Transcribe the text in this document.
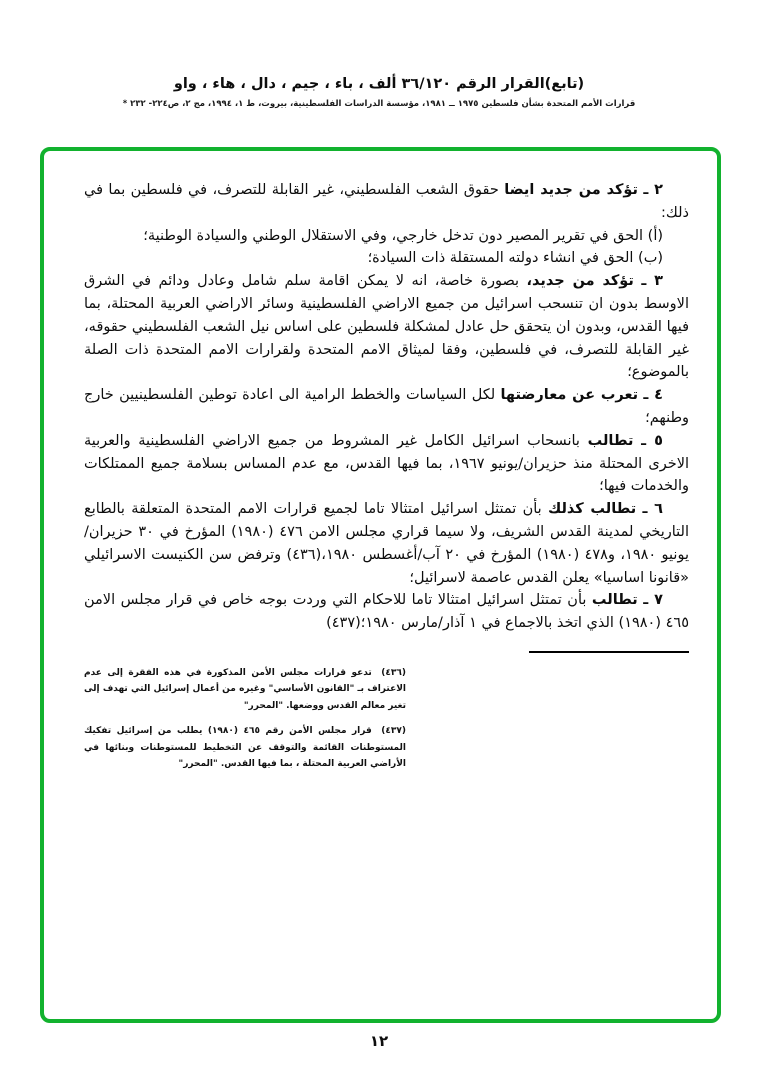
(تابع)القرار الرقم ٣٦/١٢٠ ألف ، باء ، جيم ، دال ، هاء ، واو
قرارات الأمم المتحدة بشأن فلسطين ١٩٧٥ ــ ١٩٨١، مؤسسة الدراسات الفلسطينية، بيروت، ط ١، ١٩٩٤، مج ٢، ص٢٢٤- ٢٣٢ *

٢ ـ تؤكد من جديد ايضا حقوق الشعب الفلسطيني، غير القابلة للتصرف، في فلسطين بما في ذلك:

(أ) الحق في تقرير المصير دون تدخل خارجي، وفي الاستقلال الوطني والسيادة الوطنية؛

(ب) الحق في انشاء دولته المستقلة ذات السيادة؛

٣ ـ تؤكد من جديد، بصورة خاصة، انه لا يمكن اقامة سلم شامل وعادل ودائم في الشرق الاوسط بدون ان تنسحب اسرائيل من جميع الاراضي الفلسطينية وسائر الاراضي العربية المحتلة، بما فيها القدس، وبدون ان يتحقق حل عادل لمشكلة فلسطين على اساس نيل الشعب الفلسطيني حقوقه، غير القابلة للتصرف، في فلسطين، وفقا لميثاق الامم المتحدة ولقرارات الامم المتحدة ذات الصلة بالموضوع؛

٤ ـ تعرب عن معارضتها لكل السياسات والخطط الرامية الى اعادة توطين الفلسطينيين خارج وطنهم؛

٥ ـ تطالب بانسحاب اسرائيل الكامل غير المشروط من جميع الاراضي الفلسطينية والعربية الاخرى المحتلة منذ حزيران/يونيو ١٩٦٧، بما فيها القدس، مع عدم المساس بسلامة جميع الممتلكات والخدمات فيها؛

٦ ـ تطالب كذلك بأن تمتثل اسرائيل امتثالا تاما لجميع قرارات الامم المتحدة المتعلقة بالطابع التاريخي لمدينة القدس الشريف، ولا سيما قراري مجلس الامن ٤٧٦ (١٩٨٠) المؤرخ في ٣٠ حزيران/يونيو ١٩٨٠، و٤٧٨ (١٩٨٠) المؤرخ في ٢٠ آب/أغسطس ١٩٨٠،(٤٣٦) وترفض سن الكنيست الاسرائيلي «قانونا اساسيا» يعلن القدس عاصمة لاسرائيل؛

٧ ـ تطالب بأن تمتثل اسرائيل امتثالا تاما للاحكام التي وردت بوجه خاص في قرار مجلس الامن ٤٦٥ (١٩٨٠) الذي اتخذ بالاجماع في ١ آذار/مارس ١٩٨٠؛(٤٣٧)

(٤٣٦) تدعو قرارات مجلس الأمن المذكورة في هذه الفقرة إلى عدم الاعتراف بـ "القانون الأساسي" وغيره من أعمال إسرائيل التي تهدف إلى تغير معالم القدس ووضعها. "المحرر"

(٤٣٧) قرار مجلس الأمن رقم ٤٦٥ (١٩٨٠) يطلب من إسرائيل تفكيك المستوطنات القائمة والتوقف عن التخطيط للمستوطنات وبنائها في الأراضي العربية المحتلة ، بما فيها القدس. "المحرر"

١٢
